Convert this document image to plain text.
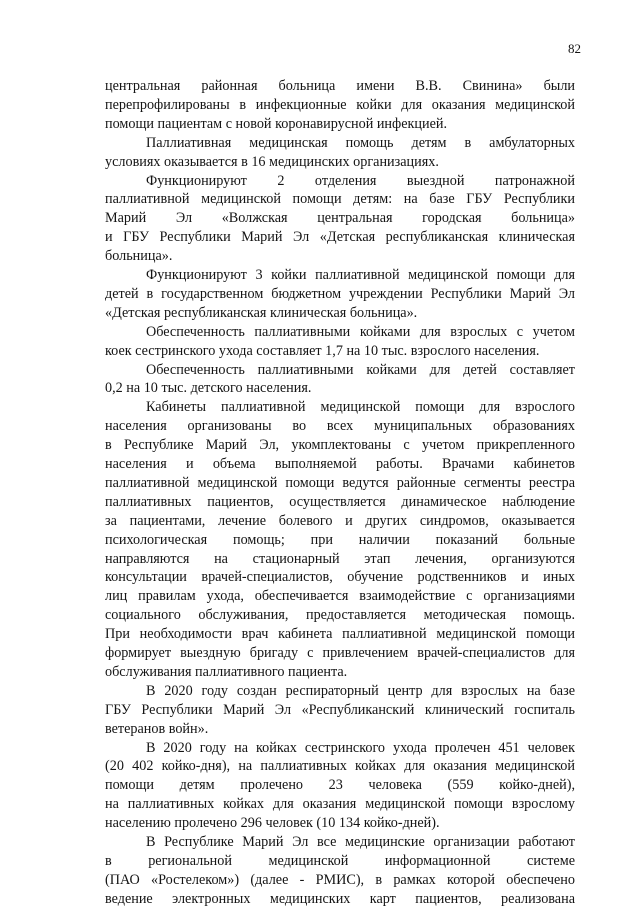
82
центральная районная больница имени В.В. Свинина» были
перепрофилированы в инфекционные койки для оказания медицинской
помощи пациентам с новой коронавирусной инфекцией.
Паллиативная медицинская помощь детям в амбулаторных
условиях оказывается в 16 медицинских организациях.
Функционируют 2 отделения выездной патронажной
паллиативной медицинской помощи детям: на базе ГБУ Республики
Марий Эл «Волжская центральная городская больница»
и ГБУ Республики Марий Эл «Детская республиканская клиническая
больница».
Функционируют 3 койки паллиативной медицинской помощи для
детей в государственном бюджетном учреждении Республики Марий Эл
«Детская республиканская клиническая больница».
Обеспеченность паллиативными койками для взрослых с учетом
коек сестринского ухода составляет 1,7 на 10 тыс. взрослого населения.
Обеспеченность паллиативными койками для детей составляет
0,2 на 10 тыс. детского населения.
Кабинеты паллиативной медицинской помощи для взрослого
населения организованы во всех муниципальных образованиях
в Республике Марий Эл, укомплектованы с учетом прикрепленного
населения и объема выполняемой работы. Врачами кабинетов
паллиативной медицинской помощи ведутся районные сегменты реестра
паллиативных пациентов, осуществляется динамическое наблюдение
за пациентами, лечение болевого и других синдромов, оказывается
психологическая помощь; при наличии показаний больные
направляются на стационарный этап лечения, организуются
консультации врачей-специалистов, обучение родственников и иных
лиц правилам ухода, обеспечивается взаимодействие с организациями
социального обслуживания, предоставляется методическая помощь.
При необходимости врач кабинета паллиативной медицинской помощи
формирует выездную бригаду с привлечением врачей-специалистов для
обслуживания паллиативного пациента.
В 2020 году создан респираторный центр для взрослых на базе
ГБУ Республики Марий Эл «Республиканский клинический госпиталь
ветеранов войн».
В 2020 году на койках сестринского ухода пролечен 451 человек
(20 402 койко-дня), на паллиативных койках для оказания медицинской
помощи детям пролечено 23 человека (559 койко-дней),
на паллиативных койках для оказания медицинской помощи взрослому
населению пролечено 296 человек (10 134 койко-дней).
В Республике Марий Эл все медицинские организации работают
в региональной медицинской информационной системе
(ПАО «Ростелеком») (далее - РМИС), в рамках которой обеспечено
ведение электронных медицинских карт пациентов, реализована
